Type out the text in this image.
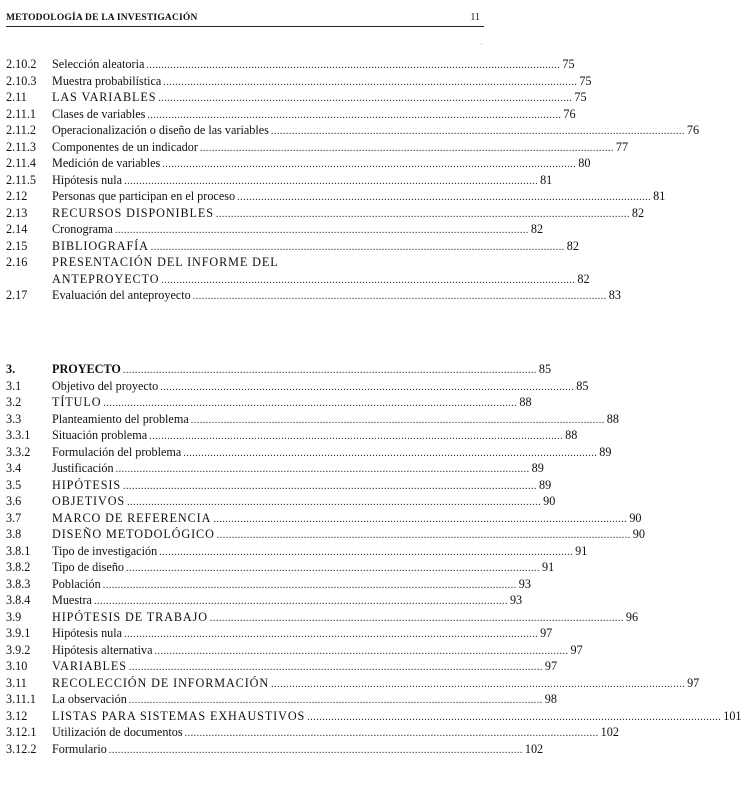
METODOLOGÍA DE LA INVESTIGACIÓN	11
2.10.2 Selección aleatoria .......................................................................................................................................... 75
2.10.3 Muestra probabilística .......................................................................................................................................... 75
2.11 LAS VARIABLES .......................................................................................................................................... 75
2.11.1 Clases de variables .......................................................................................................................................... 76
2.11.2 Operacionalización o diseño de las variables .......................................................................................................................................... 76
2.11.3 Componentes de un indicador .......................................................................................................................................... 77
2.11.4 Medición de variables .......................................................................................................................................... 80
2.11.5 Hipótesis nula .......................................................................................................................................... 81
2.12 Personas que participan en el proceso .......................................................................................................................................... 81
2.13 RECURSOS DISPONIBLES .......................................................................................................................................... 82
2.14 Cronograma .......................................................................................................................................... 82
2.15 BIBLIOGRAFÍA .......................................................................................................................................... 82
2.16 PRESENTACIÓN DEL INFORME DEL
ANTEPROYECTO .......................................................................................................................................... 82
2.17 Evaluación del anteproyecto .......................................................................................................................................... 83
3.	PROYECTO .......................................................................................................................................... 85
3.1	Objetivo del proyecto .......................................................................................................................................... 85
3.2	TÍTULO .......................................................................................................................................... 88
3.3	Planteamiento del problema .......................................................................................................................................... 88
3.3.1 Situación problema .......................................................................................................................................... 88
3.3.2 Formulación del problema .......................................................................................................................................... 89
3.4	Justificación .......................................................................................................................................... 89
3.5	HIPÓTESIS .......................................................................................................................................... 89
3.6	OBJETIVOS .......................................................................................................................................... 90
3.7	MARCO DE REFERENCIA .......................................................................................................................................... 90
3.8	DISEÑO METODOLÓGICO .......................................................................................................................................... 90
3.8.1 Tipo de investigación .......................................................................................................................................... 91
3.8.2 Tipo de diseño .......................................................................................................................................... 91
3.8.3 Población .......................................................................................................................................... 93
3.8.4 Muestra .......................................................................................................................................... 93
3.9	HIPÓTESIS DE TRABAJO .......................................................................................................................................... 96
3.9.1 Hipótesis nula .......................................................................................................................................... 97
3.9.2 Hipótesis alternativa .......................................................................................................................................... 97
3.10 VARIABLES .......................................................................................................................................... 97
3.11 RECOLECCIÓN DE INFORMACIÓN .......................................................................................................................................... 97
3.11.1 La observación .......................................................................................................................................... 98
3.12 LISTAS PARA SISTEMAS EXHAUSTIVOS .......................................................................................................................................... 101
3.12.1 Utilización de documentos .......................................................................................................................................... 102
3.12.2 Formulario .......................................................................................................................................... 102
·
